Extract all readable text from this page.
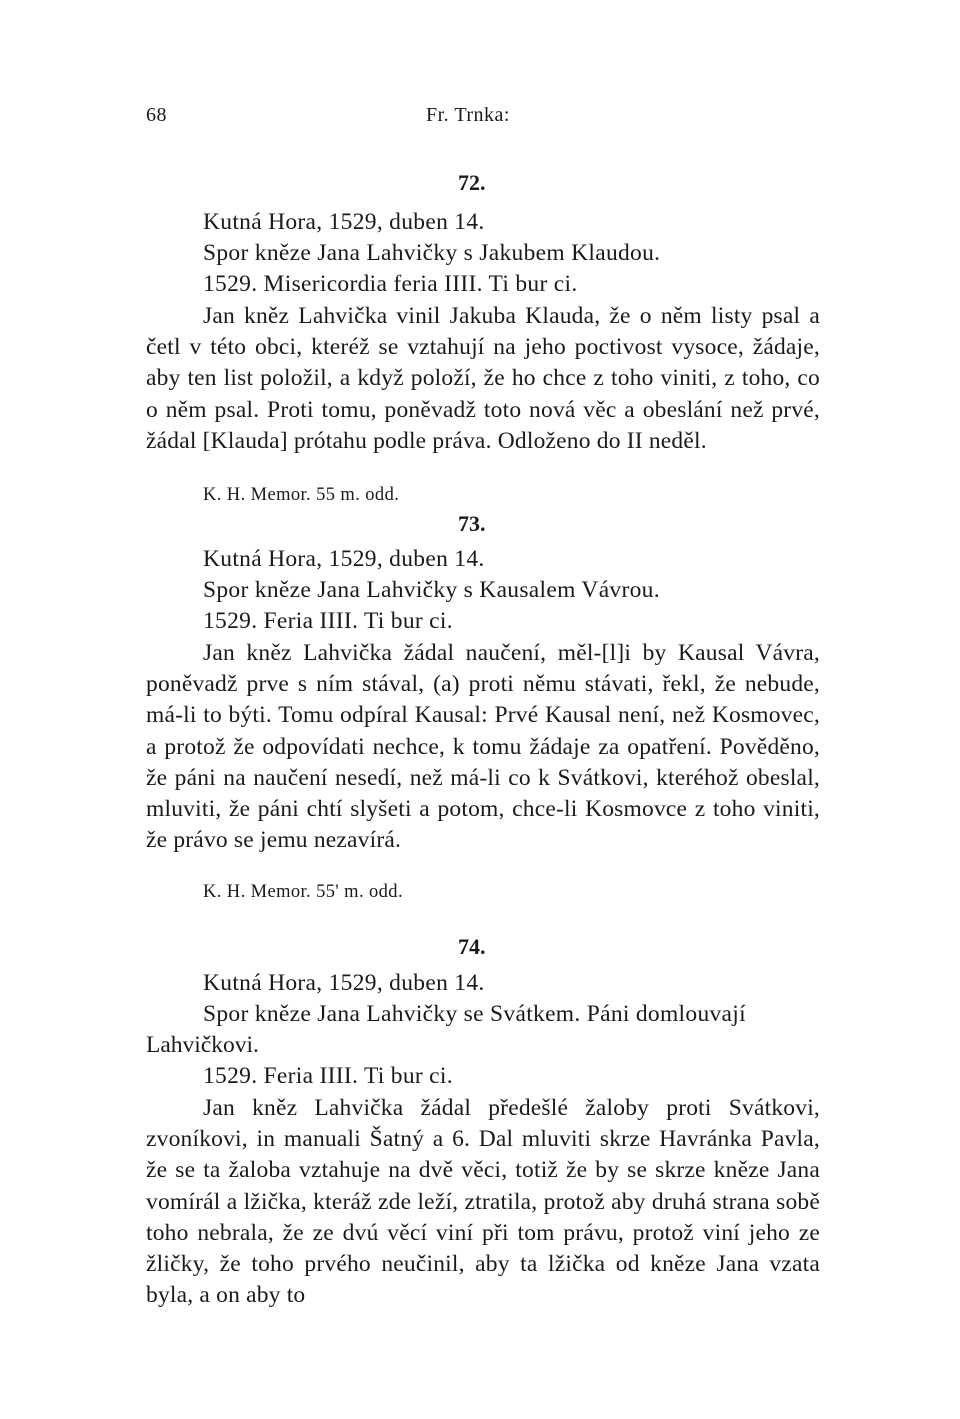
68	Fr. Trnka:
72.
Kutná Hora, 1529, duben 14.
Spor kněze Jana Lahvičky s Jakubem Klaudou.
1529. Misericordia feria IIII. Ti bur ci.

Jan kněz Lahvička vinil Jakuba Klauda, že o něm listy psal a četl v této obci, kteréž se vztahují na jeho poctivost vysoce, žádaje, aby ten list položil, a když položí, že ho chce z toho viniti, z toho, co o něm psal. Proti tomu, poněvadž toto nová věc a obeslání než prvé, žádal [Klauda] prótahu podle práva. Odloženo do II neděl.

K. H. Memor. 55 m. odd.
73.
Kutná Hora, 1529, duben 14.
Spor kněze Jana Lahvičky s Kausalem Vávrou.
1529. Feria IIII. Ti bur ci.

Jan kněz Lahvička žádal naučení, měl-[l]i by Kausal Vávra, poněvadž prve s ním stával, (a) proti němu stávati, řekl, že nebude, má-li to býti. Tomu odpíral Kausal: Prvé Kausal není, než Kosmovec, a protož že odpovídati nechce, k tomu žádaje za opatření. Pověděno, že páni na naučení nesedí, než má-li co k Svátkovi, kteréhož obeslal, mluviti, že páni chtí slyšeti a potom, chce-li Kosmovce z toho viniti, že právo se jemu nezavírá.

K. H. Memor. 55' m. odd.
74.
Kutná Hora, 1529, duben 14.
Spor kněze Jana Lahvičky se Svátkem. Páni domlouvají
Lahvičkovi.
1529. Feria IIII. Ti bur ci.

Jan kněz Lahvička žádal předešlé žaloby proti Svátkovi, zvoníkovi, in manuali Šatný a 6. Dal mluviti skrze Havránka Pavla, že se ta žaloba vztahuje na dvě věci, totiž že by se skrze kněze Jana vomírál a lžička, kteráž zde leží, ztratila, protož aby druhá strana sobě toho nebrala, že ze dvú věcí viní při tom právu, protož viní jeho ze žličky, že toho prvého neučinil, aby ta lžička od kněze Jana vzata byla, a on aby to
